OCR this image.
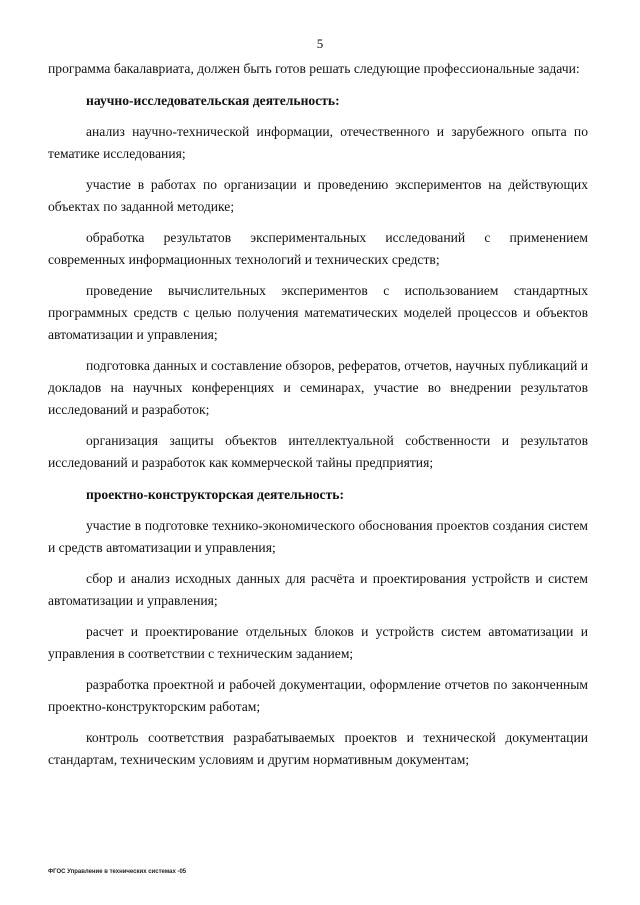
5

программа бакалавриата, должен быть готов решать следующие профессиональные задачи:

научно-исследовательская деятельность:

анализ научно-технической информации, отечественного и зарубежного опыта по тематике исследования;

участие в работах по организации и проведению экспериментов на действующих объектах по заданной методике;

обработка результатов экспериментальных исследований с применением современных информационных технологий и технических средств;

проведение вычислительных экспериментов с использованием стандартных программных средств с целью получения математических моделей процессов и объектов автоматизации и управления;

подготовка данных и составление обзоров, рефератов, отчетов, научных публикаций и докладов на научных конференциях и семинарах, участие во внедрении результатов исследований и разработок;

организация защиты объектов интеллектуальной собственности и результатов исследований и разработок как коммерческой тайны предприятия;

проектно-конструкторская деятельность:

участие в подготовке технико-экономического обоснования проектов создания систем и средств автоматизации и управления;

сбор и анализ исходных данных для расчёта и проектирования устройств и систем автоматизации и управления;

расчет и проектирование отдельных блоков и устройств систем автоматизации и управления в соответствии с техническим заданием;

разработка проектной и рабочей документации, оформление отчетов по законченным проектно-конструкторским работам;

контроль соответствия разрабатываемых проектов и технической документации стандартам, техническим условиям и другим нормативным документам;

ФГОС Управление в технических системах -05
